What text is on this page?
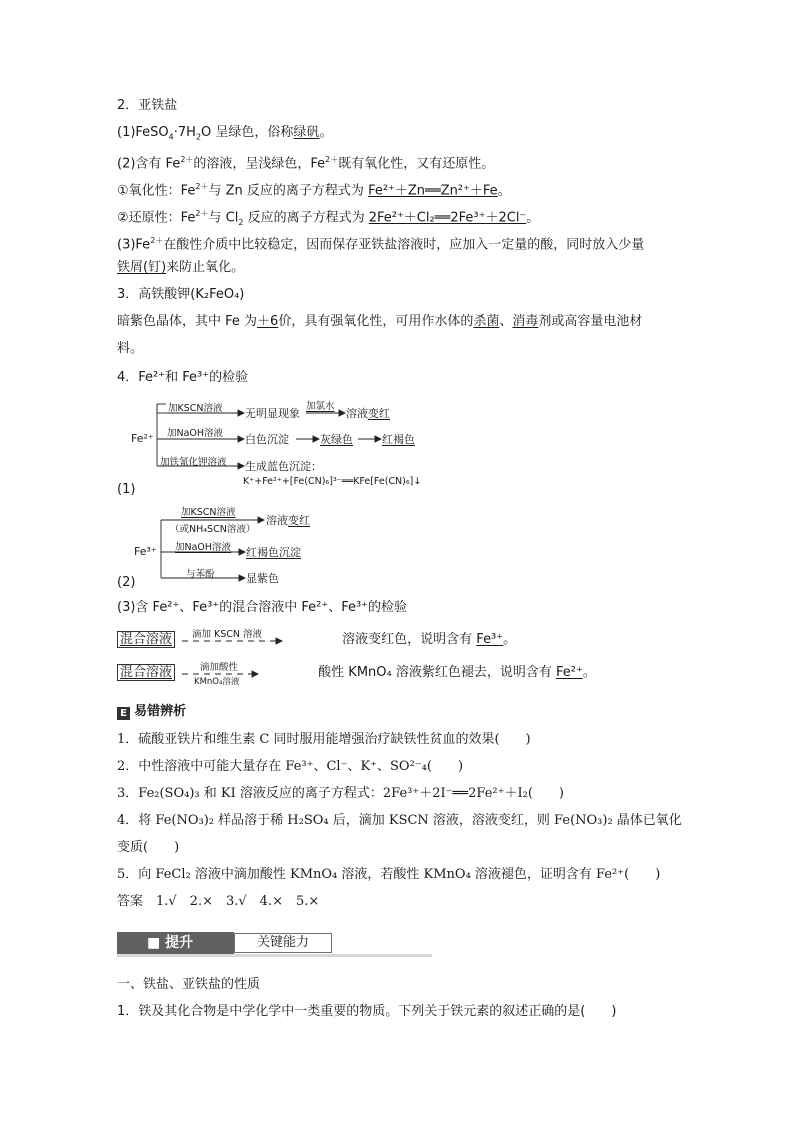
2．亚铁盐
$(1)FeSO_4\cdot 7H_2O$ 呈绿色，俗称绿矾。
(2)含有 $Fe^{2+}$的溶液，呈浅绿色，$Fe^{2+}$既有氧化性，又有还原性。
①氧化性：$Fe^{2+}$与 Zn 反应的离子方程式为 Fe²⁺＋Zn══Zn²⁺＋Fe。
②还原性：$Fe^{2+}$与 $Cl_2$ 反应的离子方程式为 2Fe²⁺＋Cl₂══2Fe³⁺＋2Cl⁻。
$(3)Fe^{2+}$在酸性介质中比较稳定，因而保存亚铁盐溶液时，应加入一定量的酸，同时放入少量
铁屑(钉)来防止氧化。
3．高铁酸钾(K₂FeO₄)
暗紫色晶体，其中 Fe 为＋6价，具有强氧化性，可用作水体的杀菌、消毒剂或高容量电池材
料。
4．Fe²⁺和 Fe³⁺的检验
Fe²⁺
加KSCN溶液 无明显现象
加氯水
溶液变红
加NaOH溶液 白色沉淀	灰绿色	红褐色
加铁氰化钾溶液 生成蓝色沉淀：
K⁺+Fe²⁺+[Fe(CN)₆]³⁻══KFe[Fe(CN)₆]↓
(1)
Fe³⁺
加KSCN溶液
（或NH₄SCN溶液）
溶液变红
加NaOH溶液 红褐色沉淀
与苯酚	显紫色
(2)
(3)含 Fe²⁺、Fe³⁺的混合溶液中 Fe²⁺、Fe³⁺的检验
混合溶液	溶液变红色，说明含有 Fe³⁺。
滴加 KSCN 溶液
混合溶液	酸性 KMnO₄ 溶液紫红色褪去，说明含有 Fe²⁺。
滴加酸性
KMnO₄溶液
E 易错辨析
1．硫酸亚铁片和维生素 C 同时服用能增强治疗缺铁性贫血的效果(　　)
2．中性溶液中可能大量存在 Fe³⁺、Cl⁻、K⁺、SO²⁻₄(　　)
3．Fe₂(SO₄)₃ 和 KI 溶液反应的离子方程式：2Fe³⁺＋2I⁻══2Fe²⁺＋I₂(　　)
4．将 Fe(NO₃)₂ 样品溶于稀 H₂SO₄ 后，滴加 KSCN 溶液，溶液变红，则 Fe(NO₃)₂ 晶体已氧化
变质(　　)
5．向 FeCl₂ 溶液中滴加酸性 KMnO₄ 溶液，若酸性 KMnO₄ 溶液褪色，证明含有 Fe²⁺(　　)
答案　1.√　2.×　3.√　4.×　5.×
■ 提升	关键能力
一、铁盐、亚铁盐的性质
1．铁及其化合物是中学化学中一类重要的物质。下列关于铁元素的叙述正确的是(　　)
